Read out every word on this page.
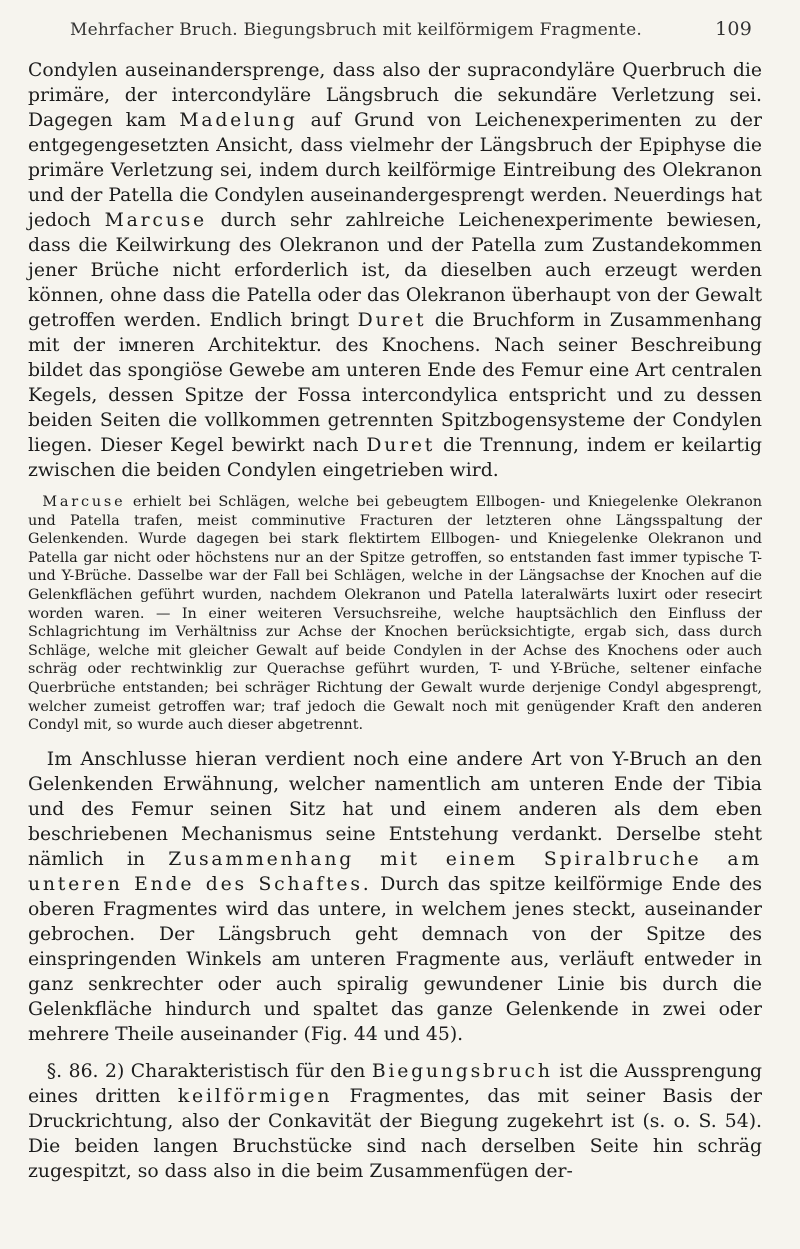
Mehrfacher Bruch. Biegungsbruch mit keilförmigem Fragmente.	109

Condylen auseinandersprenge, dass also der supracondyläre Querbruch die primäre, der intercondyläre Längsbruch die sekundäre Verletzung sei. Dagegen kam Madelung auf Grund von Leichenexperimenten zu der entgegengesetzten Ansicht, dass vielmehr der Längsbruch der Epiphyse die primäre Verletzung sei, indem durch keilförmige Eintreibung des Olekranon und der Patella die Condylen auseinandergesprengt werden. Neuerdings hat jedoch Marcuse durch sehr zahlreiche Leichenexperimente bewiesen, dass die Keilwirkung des Olekranon und der Patella zum Zustandekommen jener Brüche nicht erforderlich ist, da dieselben auch erzeugt werden können, ohne dass die Patella oder das Olekranon überhaupt von der Gewalt getroffen werden. Endlich bringt Duret die Bruchform in Zusammenhang mit der iмneren Architektur. des Knochens. Nach seiner Beschreibung bildet das spongiöse Gewebe am unteren Ende des Femur eine Art centralen Kegels, dessen Spitze der Fossa intercondylica entspricht und zu dessen beiden Seiten die vollkommen getrennten Spitzbogensysteme der Condylen liegen. Dieser Kegel bewirkt nach Duret die Trennung, indem er keilartig zwischen die beiden Condylen eingetrieben wird.

 Marcuse erhielt bei Schlägen, welche bei gebeugtem Ellbogen- und Kniegelenke Olekranon und Patella trafen, meist comminutive Fracturen der letzteren ohne Längsspaltung der Gelenkenden. Wurde dagegen bei stark flektirtem Ellbogen- und Kniegelenke Olekranon und Patella gar nicht oder höchstens nur an der Spitze getroffen, so entstanden fast immer typische T- und Y-Brüche. Dasselbe war der Fall bei Schlägen, welche in der Längsachse der Knochen auf die Gelenkflächen geführt wurden, nachdem Olekranon und Patella lateralwärts luxirt oder resecirt worden waren. — In einer weiteren Versuchsreihe, welche hauptsächlich den Einfluss der Schlagrichtung im Verhältniss zur Achse der Knochen berücksichtigte, ergab sich, dass durch Schläge, welche mit gleicher Gewalt auf beide Condylen in der Achse des Knochens oder auch schräg oder rechtwinklig zur Querachse geführt wurden, T- und Y-Brüche, seltener einfache Querbrüche entstanden; bei schräger Richtung der Gewalt wurde derjenige Condyl abgesprengt, welcher zumeist getroffen war; traf jedoch die Gewalt noch mit genügender Kraft den anderen Condyl mit, so wurde auch dieser abgetrennt.

 Im Anschlusse hieran verdient noch eine andere Art von Y-Bruch an den Gelenkenden Erwähnung, welcher namentlich am unteren Ende der Tibia und des Femur seinen Sitz hat und einem anderen als dem eben beschriebenen Mechanismus seine Entstehung verdankt. Derselbe steht nämlich in Zusammenhang mit einem Spiralbruche am unteren Ende des Schaftes. Durch das spitze keilförmige Ende des oberen Fragmentes wird das untere, in welchem jenes steckt, auseinander gebrochen. Der Längsbruch geht demnach von der Spitze des einspringenden Winkels am unteren Fragmente aus, verläuft entweder in ganz senkrechter oder auch spiralig gewundener Linie bis durch die Gelenkfläche hindurch und spaltet das ganze Gelenkende in zwei oder mehrere Theile auseinander (Fig. 44 und 45).

 §. 86. 2) Charakteristisch für den Biegungsbruch ist die Aussprengung eines dritten keilförmigen Fragmentes, das mit seiner Basis der Druckrichtung, also der Conkavität der Biegung zugekehrt ist (s. o. S. 54). Die beiden langen Bruchstücke sind nach derselben Seite hin schräg zugespitzt, so dass also in die beim Zusammenfügen der-
